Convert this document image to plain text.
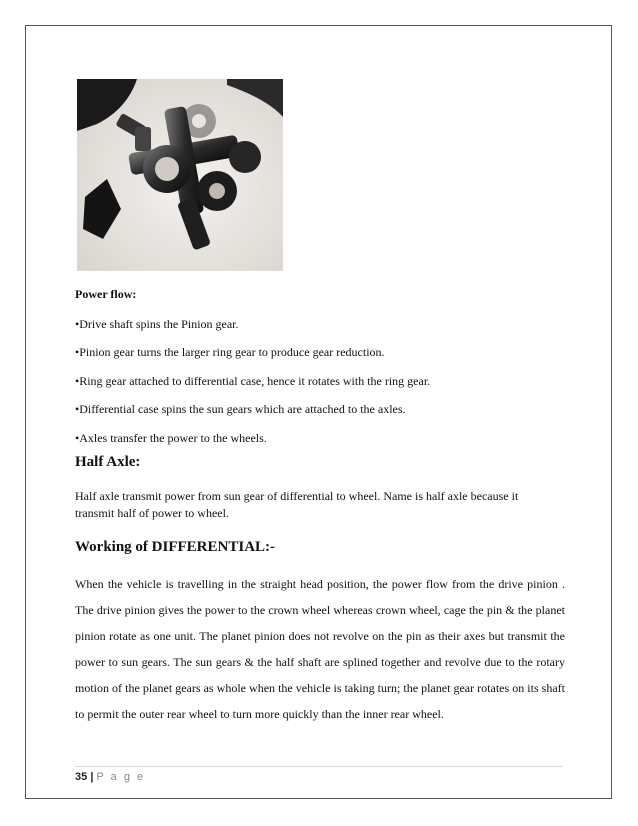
Power flow:

•Drive shaft spins the Pinion gear.

•Pinion gear turns the larger ring gear to produce gear reduction.

•Ring gear attached to differential case, hence it rotates with the ring gear.

•Differential case spins the sun gears which are attached to the axles.

•Axles transfer the power to the wheels.

Half Axle:

Half axle transmit power from sun gear of differential to wheel. Name is half axle because it

transmit half of power to wheel.

Working of DIFFERENTIAL:-

When the vehicle is travelling in the straight head position, the power flow from the drive pinion . The drive pinion gives the power to the crown wheel whereas crown wheel, cage the pin & the planet pinion rotate as one unit. The planet pinion does not revolve on the pin as their axes but transmit the power to sun gears. The sun gears & the half shaft are splined together and revolve due to the rotary motion of the planet gears as whole when the vehicle is taking turn; the planet gear rotates on its shaft to permit the outer rear wheel to turn more quickly than the inner rear wheel.

35 | P a g e
